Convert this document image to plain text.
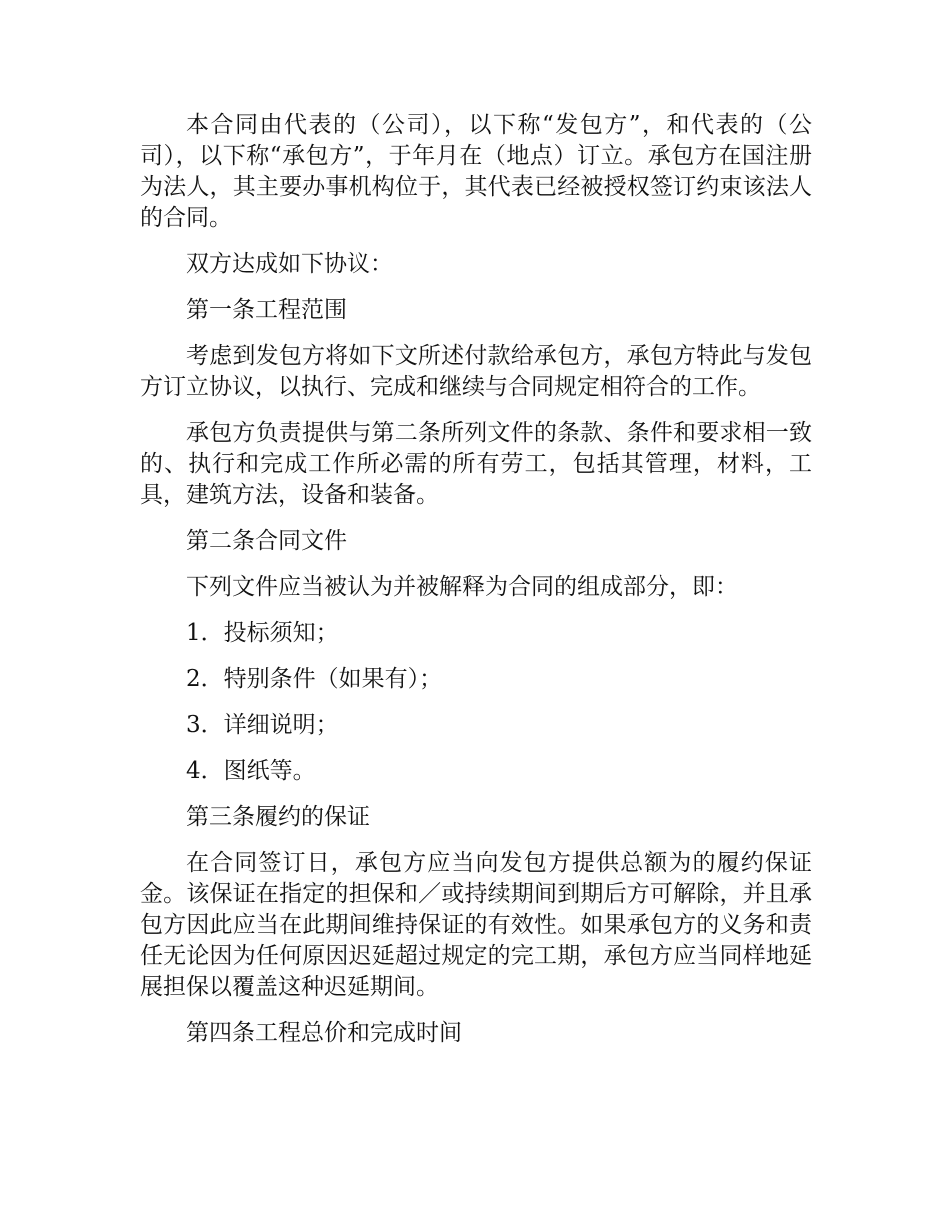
本合同由代表的（公司），以下称“发包方”，和代表的（公司），以下称“承包方”，于年月在（地点）订立。承包方在国注册为法人，其主要办事机构位于，其代表已经被授权签订约束该法人的合同。

双方达成如下协议：

第一条工程范围

考虑到发包方将如下文所述付款给承包方，承包方特此与发包方订立协议，以执行、完成和继续与合同规定相符合的工作。

承包方负责提供与第二条所列文件的条款、条件和要求相一致的、执行和完成工作所必需的所有劳工，包括其管理，材料，工具，建筑方法，设备和装备。

第二条合同文件

下列文件应当被认为并被解释为合同的组成部分，即：

1．投标须知；

2．特别条件（如果有）；

3．详细说明；

4．图纸等。

第三条履约的保证

在合同签订日，承包方应当向发包方提供总额为的履约保证金。该保证在指定的担保和／或持续期间到期后方可解除，并且承包方因此应当在此期间维持保证的有效性。如果承包方的义务和责任无论因为任何原因迟延超过规定的完工期，承包方应当同样地延展担保以覆盖这种迟延期间。

第四条工程总价和完成时间
